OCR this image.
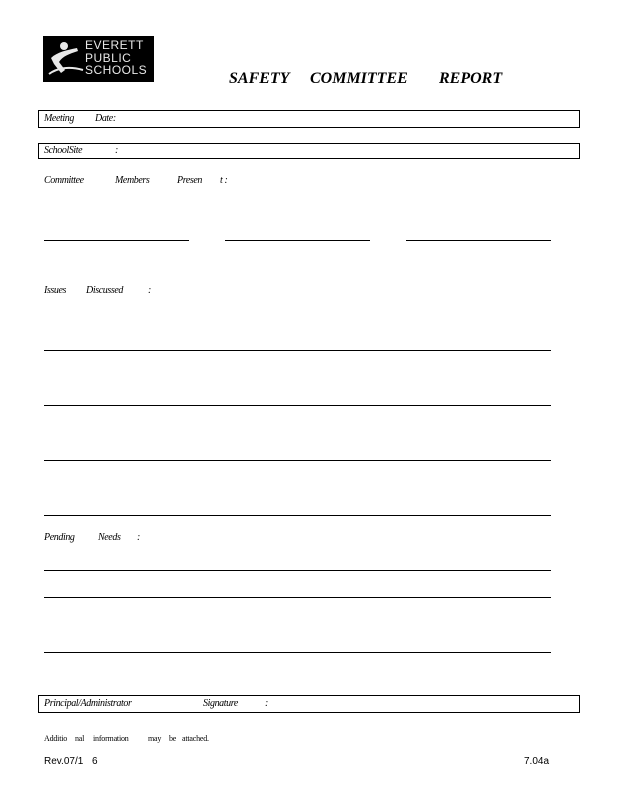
EVERETT
PUBLIC
SCHOOLS	SAFETY COMMITTEE REPORT
Meeting Date:
SchoolSite	:
Committee	Members	Presen t :
Issues Discussed	:
Pending Needs :
Principal/Administrator	Signature	:
Additio nal information may be attached.
Rev.07/1 6	7.04a
